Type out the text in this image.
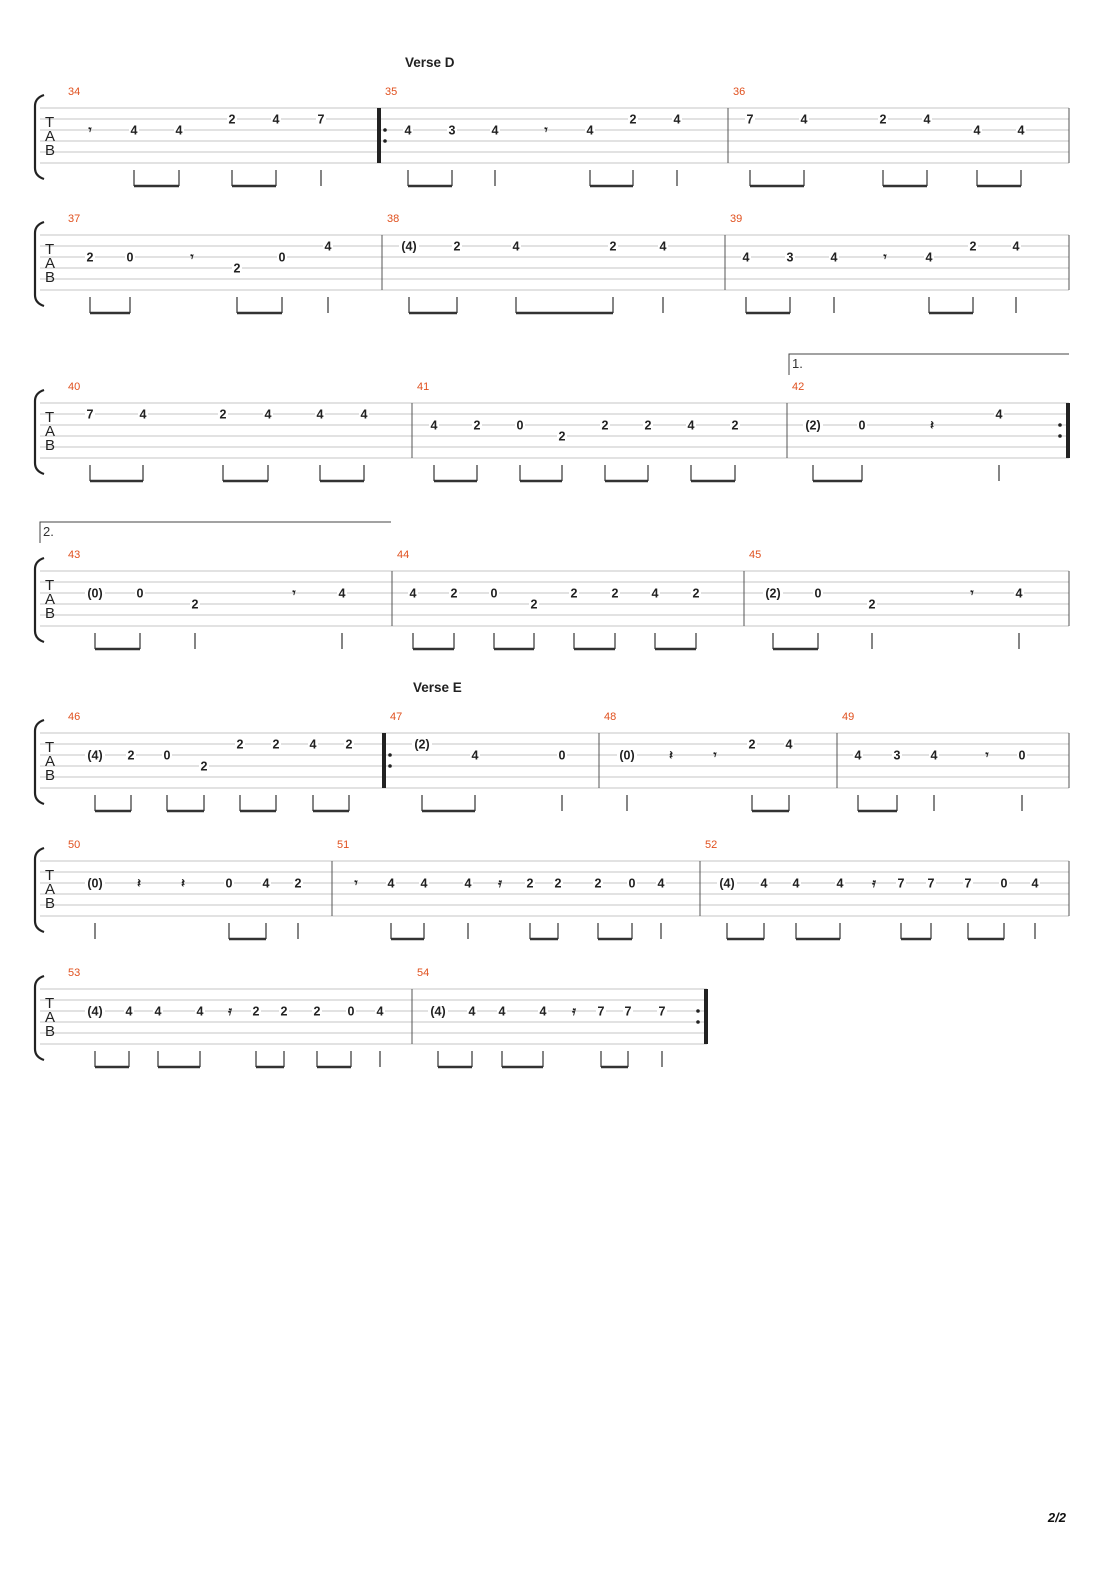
T
A
B
Verse D
34
𝄾	4	4
2	4	7
35
4	3	4	𝄾	4
2	4
36
7	4	2	4
4	4
T
A
B
37
2	0	𝄾
2
0
4
38
(4)	2	4	2	4
39
4	3	4	𝄾	4
2	4
T
A
B
1.
40
7	4	2	4	4	4
41
4	2	0
2
2	2	4	2
42
(2)	0	𝄽
4
T
A
B
2.
43
(0)	0
2
𝄾	4
44
4	2	0
2
2	2	4	2
45
(2)	0
2
𝄾	4
T
A
B
Verse E
46
(4) 2 0
2
2 2 4 2
47
(2)
4	0
48
(0)	𝄽	𝄾
2 4
49
4	3 4	𝄾 0
T
A
B
50
(0)	𝄽	𝄽	0 4 2
51
𝄾 4 4	4 𝄿 2 2	2 0 4
52
(4) 4 4	4 𝄿 7 7 7 0 4
T
A
B
53
(4) 4 4	4 𝄿 2 2 2 0 4
54
(4) 4 4	4 𝄿 7 7 7
2/2
